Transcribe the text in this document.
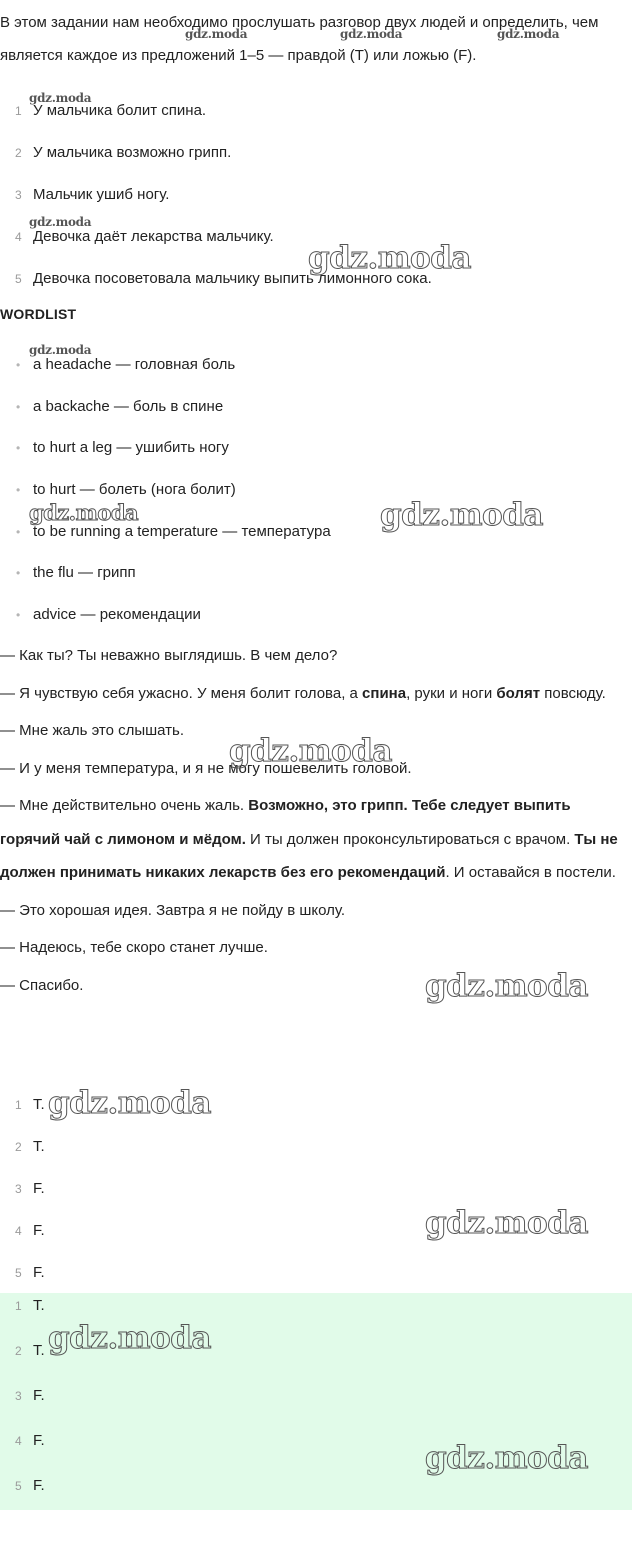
В этом задании нам необходимо прослушать разговор двух людей и определить, чем является каждое из предложений 1–5 — правдой (T) или ложью (F).
1 У мальчика болит спина.
2 У мальчика возможно грипп.
3 Мальчик ушиб ногу.
4 Девочка даёт лекарства мальчику.
5 Девочка посоветовала мальчику выпить лимонного сока.
WORDLIST
• a headache — головная боль
• a backache — боль в спине
• to hurt a leg — ушибить ногу
• to hurt — болеть (нога болит)
• to be running a temperature — температура
• the flu — грипп
• advice — рекомендации

— Как ты? Ты неважно выглядишь. В чем дело?

— Я чувствую себя ужасно. У меня болит голова, а спина, руки и ноги болят повсюду.

— Мне жаль это слышать.

— И у меня температура, и я не могу пошевелить головой.

— Мне действительно очень жаль. Возможно, это грипп. Тебе следует выпить горячий чай с лимоном и мёдом. И ты должен проконсультироваться с врачом. Ты не должен принимать никаких лекарств без его рекомендаций. И оставайся в постели.

— Это хорошая идея. Завтра я не пойду в школу.

— Надеюсь, тебе скоро станет лучше.

— Спасибо.

1 T.
2 T.
3 F.
4 F.
5 F.
1 T.
2 T.
3 F.
4 F.
5 F.
gdz.moda	gdz.moda	gdz.moda
gdz.moda
gdz.moda
gdz.moda
gdz.moda
gdz.moda	gdz.moda
gdz.moda
gdz.moda
gdz.moda
gdz.moda
gdz.moda
gdz.moda
